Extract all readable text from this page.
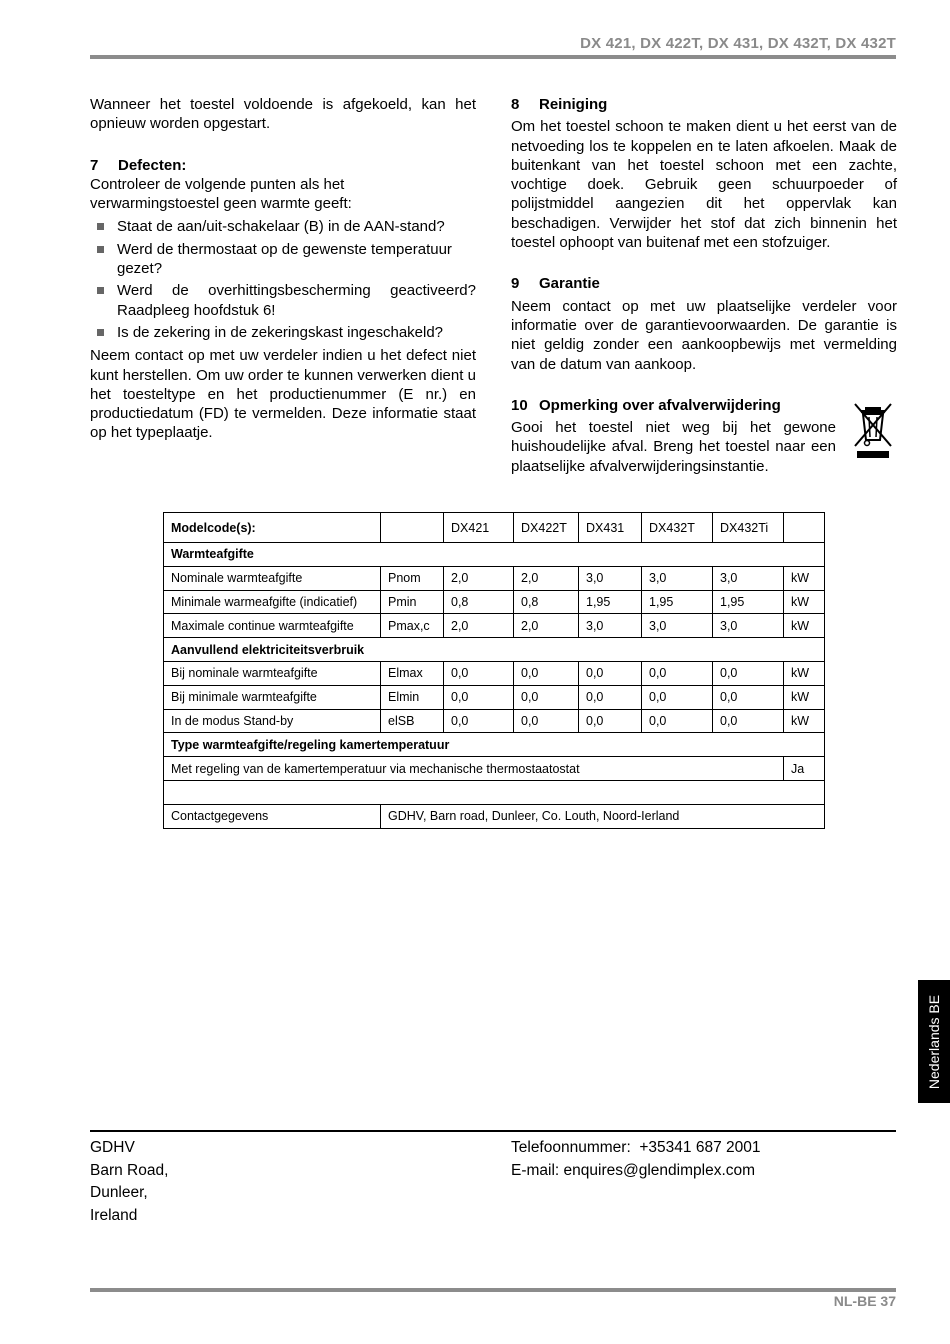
DX 421, DX 422T, DX 431, DX 432T, DX 432T

Wanneer het toestel voldoende is afgekoeld, kan het opnieuw worden opgestart.

7 Defecten:

Controleer de volgende punten als het verwarmingstoestel geen warmte geeft:

Staat de aan/uit-schakelaar (B) in de AAN-stand?
Werd de thermostaat op de gewenste temperatuur gezet?
Werd de overhittingsbescherming geactiveerd? Raadpleeg hoofdstuk 6!
Is de zekering in de zekeringskast ingeschakeld?

Neem contact op met uw verdeler indien u het defect niet kunt herstellen. Om uw order te kunnen verwerken dient u het toesteltype en het productienummer (E nr.) en productiedatum (FD) te vermelden. Deze informatie staat op het typeplaatje.

8 Reiniging

Om het toestel schoon te maken dient u het eerst van de netvoeding los te koppelen en te laten afkoelen. Maak de buitenkant van het toestel schoon met een zachte, vochtige doek. Gebruik geen schuurpoeder of polijstmiddel aangezien dit het oppervlak kan beschadigen. Verwijder het stof dat zich binnenin het toestel ophoopt van buitenaf met een stofzuiger.

9 Garantie

Neem contact op met uw plaatselijke verdeler voor informatie over de garantievoorwaarden. De garantie is niet geldig zonder een aankoopbewijs met vermelding van de datum van aankoop.

10 Opmerking over afvalverwijdering

Gooi het toestel niet weg bij het gewone huishoudelijke afval. Breng het toestel naar een plaatselijke afvalverwijderingsinstantie.

Modelcode(s):		DX421	DX422T	DX431	DX432T	DX432Ti	
Warmteafgifte							
Nominale warmteafgifte	Pnom	2,0	2,0	3,0	3,0	3,0	kW
Minimale warmeafgifte (indicatief)	Pmin	0,8	0,8	1,95	1,95	1,95	kW
Maximale continue warmteafgifte	Pmax,c	2,0	2,0	3,0	3,0	3,0	kW
Aanvullend elektriciteitsverbruik							
Bij nominale warmteafgifte	Elmax	0,0	0,0	0,0	0,0	0,0	kW
Bij minimale warmteafgifte	Elmin	0,0	0,0	0,0	0,0	0,0	kW
In de modus Stand-by	elSB	0,0	0,0	0,0	0,0	0,0	kW
Type warmteafgifte/regeling kamertemperatuur							
Met regeling van de kamertemperatuur via mechanische thermostaatostat							Ja

Contactgegevens	GDHV, Barn road, Dunleer, Co. Louth, Noord-Ierland						
Nederlands BE
GDHV
Barn Road,
Dunleer,
Ireland
Telefoonnummer:  +35341 687 2001
E-mail: enquires@glendimplex.com
NL-BE 37
